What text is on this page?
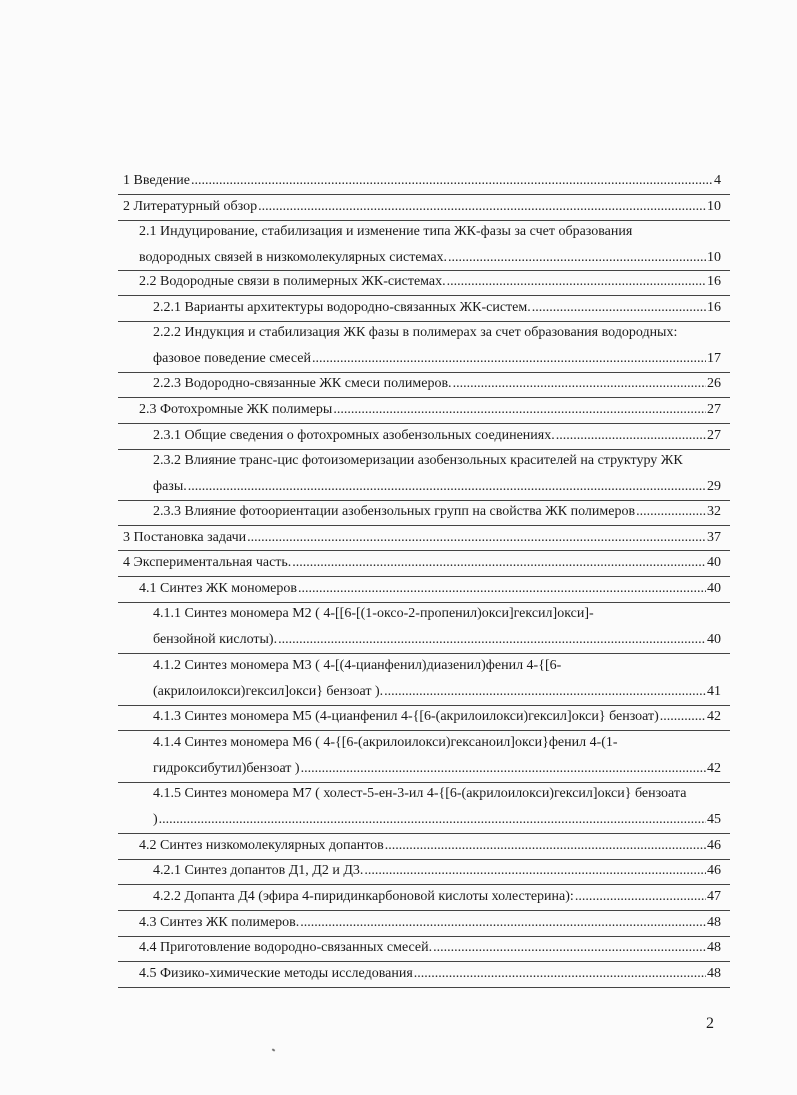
1 Введение .....	4
2 Литературный обзор .....	10
2.1 Индуцирование, стабилизация и изменение типа ЖК-фазы за счет образования
водородных связей в низкомолекулярных системах. .....	10
2.2 Водородные связи в полимерных ЖК-системах. .....	16
2.2.1 Варианты архитектуры водородно-связанных ЖК-систем. .....	16
2.2.2 Индукция и стабилизация ЖК фазы в полимерах за счет образования водородных:
фазовое поведение смесей .....	17
2.2.3 Водородно-связанные ЖК смеси полимеров. .....	26
2.3 Фотохромные ЖК полимеры .....	27
2.3.1 Общие сведения о фотохромных азобензольных соединениях. .....	27
2.3.2 Влияние транс-цис фотоизомеризации азобензольных красителей на структуру ЖК
фазы. .....	29
2.3.3 Влияние фотоориентации азобензольных групп на свойства ЖК полимеров .....	32
3 Постановка задачи .....	37
4 Экспериментальная часть. .....	40
4.1 Синтез ЖК мономеров .....	40
4.1.1 Синтез мономера М2 ( 4-[[6-[(1-оксо-2-пропенил)окси]гексил]окси]-
бензойной кислоты). .....	40
4.1.2 Синтез мономера М3 ( 4-[(4-цианфенил)диазенил)фенил 4-{[6-
(акрилоилокси)гексил]окси} бензоат ). .....	41
4.1.3 Синтез мономера М5 (4-цианфенил 4-{[6-(акрилоилокси)гексил]окси} бензоат) .....	42
4.1.4 Синтез мономера М6 ( 4-{[6-(акрилоилокси)гексаноил]окси}фенил 4-(1-
гидроксибутил)бензоат ) .....	42
4.1.5 Синтез мономера М7 ( холест-5-ен-3-ил 4-{[6-(акрилоилокси)гексил]окси} бензоата
) .....	45
4.2 Синтез низкомолекулярных допантов .....	46
4.2.1 Синтез допантов Д1, Д2 и Д3. .....	46
4.2.2 Допанта Д4 (эфира 4-пиридинкарбоновой кислоты холестерина): .....	47
4.3 Синтез ЖК полимеров. .....	48
4.4 Приготовление водородно-связанных смесей. .....	48
4.5 Физико-химические методы исследования .....	48
2
